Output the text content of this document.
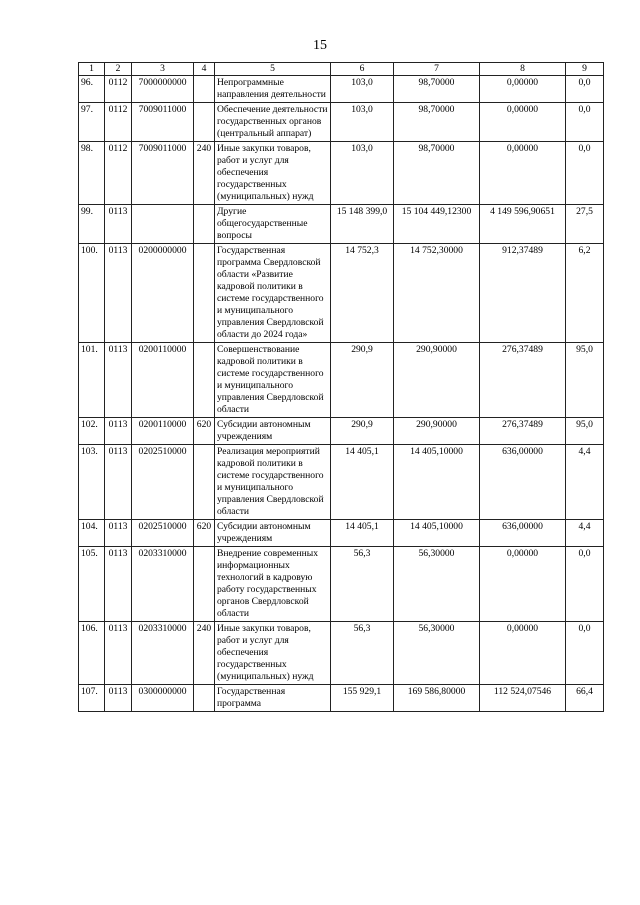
15
1	2	3	4	5	6	7	8	9
96.	0112	7000000000		Непрограммные направления деятельности	103,0	98,70000	0,00000	0,0
97.	0112	7009011000		Обеспечение деятельности государственных органов (центральный аппарат)	103,0	98,70000	0,00000	0,0
98.	0112	7009011000	240	Иные закупки товаров, работ и услуг для обеспечения государственных (муниципальных) нужд	103,0	98,70000	0,00000	0,0
99.	0113			Другие общегосударственные вопросы	15 148 399,0	15 104 449,12300	4 149 596,90651	27,5
100.	0113	0200000000		Государственная программа Свердловской области «Развитие кадровой политики в системе государственного и муниципального управления Свердловской области до 2024 года»	14 752,3	14 752,30000	912,37489	6,2
101.	0113	0200110000		Совершенствование кадровой политики в системе государственного и муниципального управления Свердловской области	290,9	290,90000	276,37489	95,0
102.	0113	0200110000	620	Субсидии автономным учреждениям	290,9	290,90000	276,37489	95,0
103.	0113	0202510000		Реализация мероприятий кадровой политики в системе государственного и муниципального управления Свердловской области	14 405,1	14 405,10000	636,00000	4,4
104.	0113	0202510000	620	Субсидии автономным учреждениям	14 405,1	14 405,10000	636,00000	4,4
105.	0113	0203310000		Внедрение современных информационных технологий в кадровую работу государственных органов Свердловской области	56,3	56,30000	0,00000	0,0
106.	0113	0203310000	240	Иные закупки товаров, работ и услуг для обеспечения государственных (муниципальных) нужд	56,3	56,30000	0,00000	0,0
107.	0113	0300000000		Государственная программа	155 929,1	169 586,80000	112 524,07546	66,4
